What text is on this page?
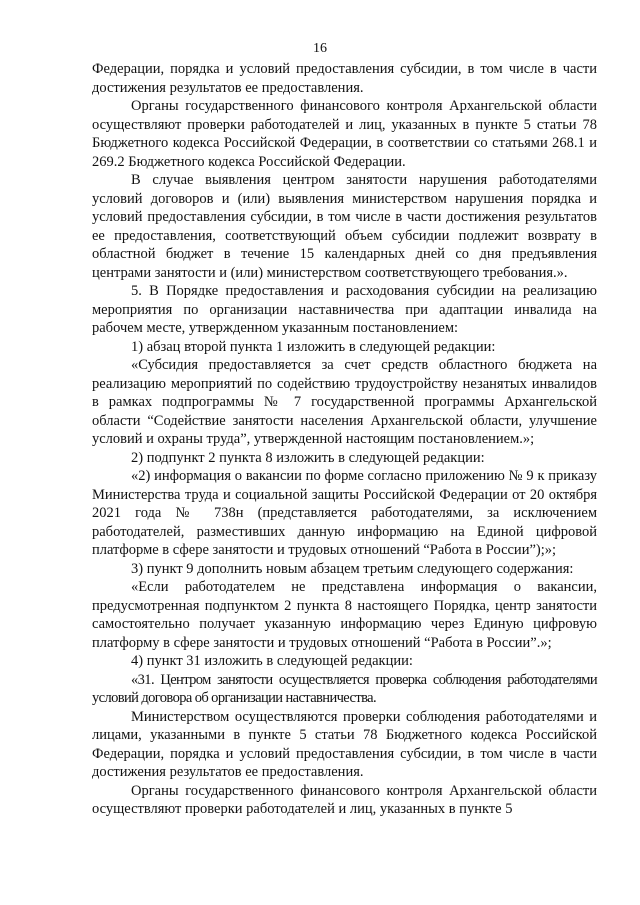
16

Федерации, порядка и условий предоставления субсидии, в том числе в части достижения результатов ее предоставления.

Органы государственного финансового контроля Архангельской области осуществляют проверки работодателей и лиц, указанных в пункте 5 статьи 78 Бюджетного кодекса Российской Федерации, в соответствии со статьями 268.1 и 269.2 Бюджетного кодекса Российской Федерации.

В случае выявления центром занятости нарушения работодателями условий договоров и (или) выявления министерством нарушения порядка и условий предоставления субсидии, в том числе в части достижения результатов ее предоставления, соответствующий объем субсидии подлежит возврату в областной бюджет в течение 15 календарных дней со дня предъявления центрами занятости и (или) министерством соответствующего требования.».

5. В Порядке предоставления и расходования субсидии на реализацию мероприятия по организации наставничества при адаптации инвалида на рабочем месте, утвержденном указанным постановлением:

1) абзац второй пункта 1 изложить в следующей редакции:

«Субсидия предоставляется за счет средств областного бюджета на реализацию мероприятий по содействию трудоустройству незанятых инвалидов в рамках подпрограммы № 7 государственной программы Архангельской области “Содействие занятости населения Архангельской области, улучшение условий и охраны труда”, утвержденной настоящим постановлением.»;

2) подпункт 2 пункта 8 изложить в следующей редакции:

«2) информация о вакансии по форме согласно приложению № 9 к приказу Министерства труда и социальной защиты Российской Федерации от 20 октября 2021 года № 738н (представляется работодателями, за исключением работодателей, разместивших данную информацию на Единой цифровой платформе в сфере занятости и трудовых отношений “Работа в России”);»;

3) пункт 9 дополнить новым абзацем третьим следующего содержания:

«Если работодателем не представлена информация о вакансии, предусмотренная подпунктом 2 пункта 8 настоящего Порядка, центр занятости самостоятельно получает указанную информацию через Единую цифровую платформу в сфере занятости и трудовых отношений “Работа в России”.»;

4) пункт 31 изложить в следующей редакции:

«31. Центром занятости осуществляется проверка соблюдения работодателями условий договора об организации наставничества.

Министерством осуществляются проверки соблюдения работодателями и лицами, указанными в пункте 5 статьи 78 Бюджетного кодекса Российской Федерации, порядка и условий предоставления субсидии, в том числе в части достижения результатов ее предоставления.

Органы государственного финансового контроля Архангельской области осуществляют проверки работодателей и лиц, указанных в пункте 5
